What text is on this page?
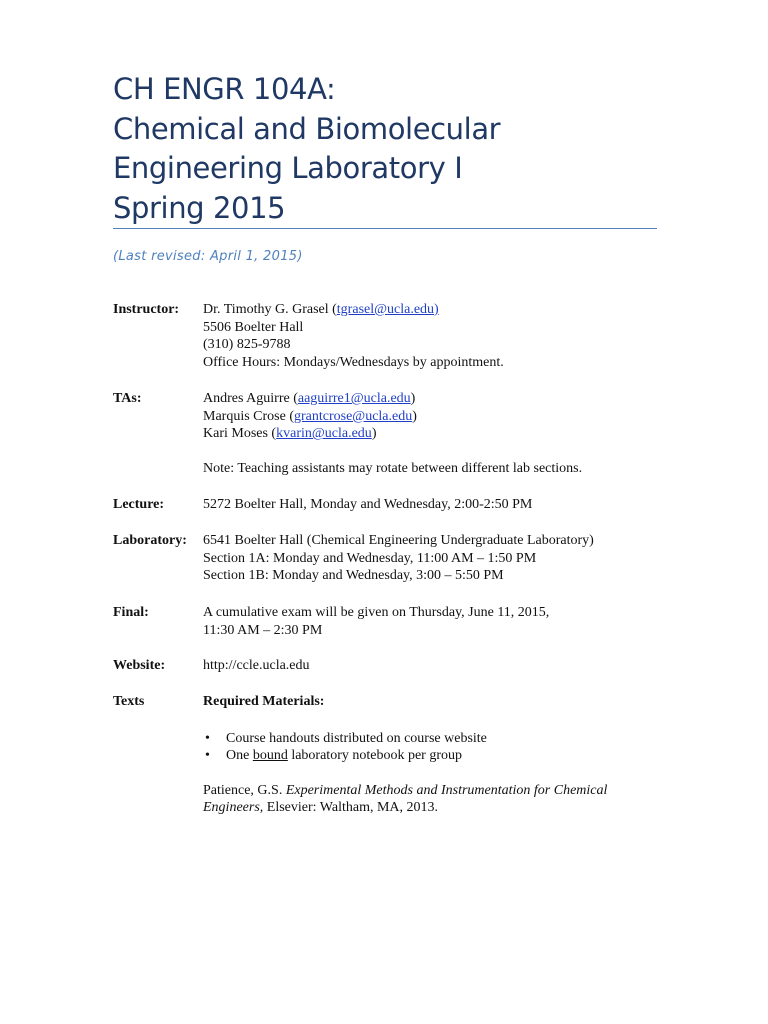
CH ENGR 104A:
Chemical and Biomolecular
Engineering Laboratory I
Spring 2015
(Last revised: April 1, 2015)
Instructor: Dr. Timothy G. Grasel (tgrasel@ucla.edu)
5506 Boelter Hall
(310) 825-9788
Office Hours: Mondays/Wednesdays by appointment.
TAs:	Andres Aguirre (aaguirre1@ucla.edu)
Marquis Crose (grantcrose@ucla.edu)
Kari Moses (kvarin@ucla.edu)
Note: Teaching assistants may rotate between different lab sections.
Lecture:	5272 Boelter Hall, Monday and Wednesday, 2:00-2:50 PM
Laboratory: 6541 Boelter Hall (Chemical Engineering Undergraduate Laboratory)
Section 1A: Monday and Wednesday, 11:00 AM – 1:50 PM
Section 1B: Monday and Wednesday, 3:00 – 5:50 PM
Final:	A cumulative exam will be given on Thursday, June 11, 2015,
11:30 AM – 2:30 PM
Website:	http://ccle.ucla.edu
Texts	Required Materials:
• Course handouts distributed on course website
• One bound laboratory notebook per group
Patience, G.S. Experimental Methods and Instrumentation for Chemical Engineers, Elsevier: Waltham, MA, 2013.
